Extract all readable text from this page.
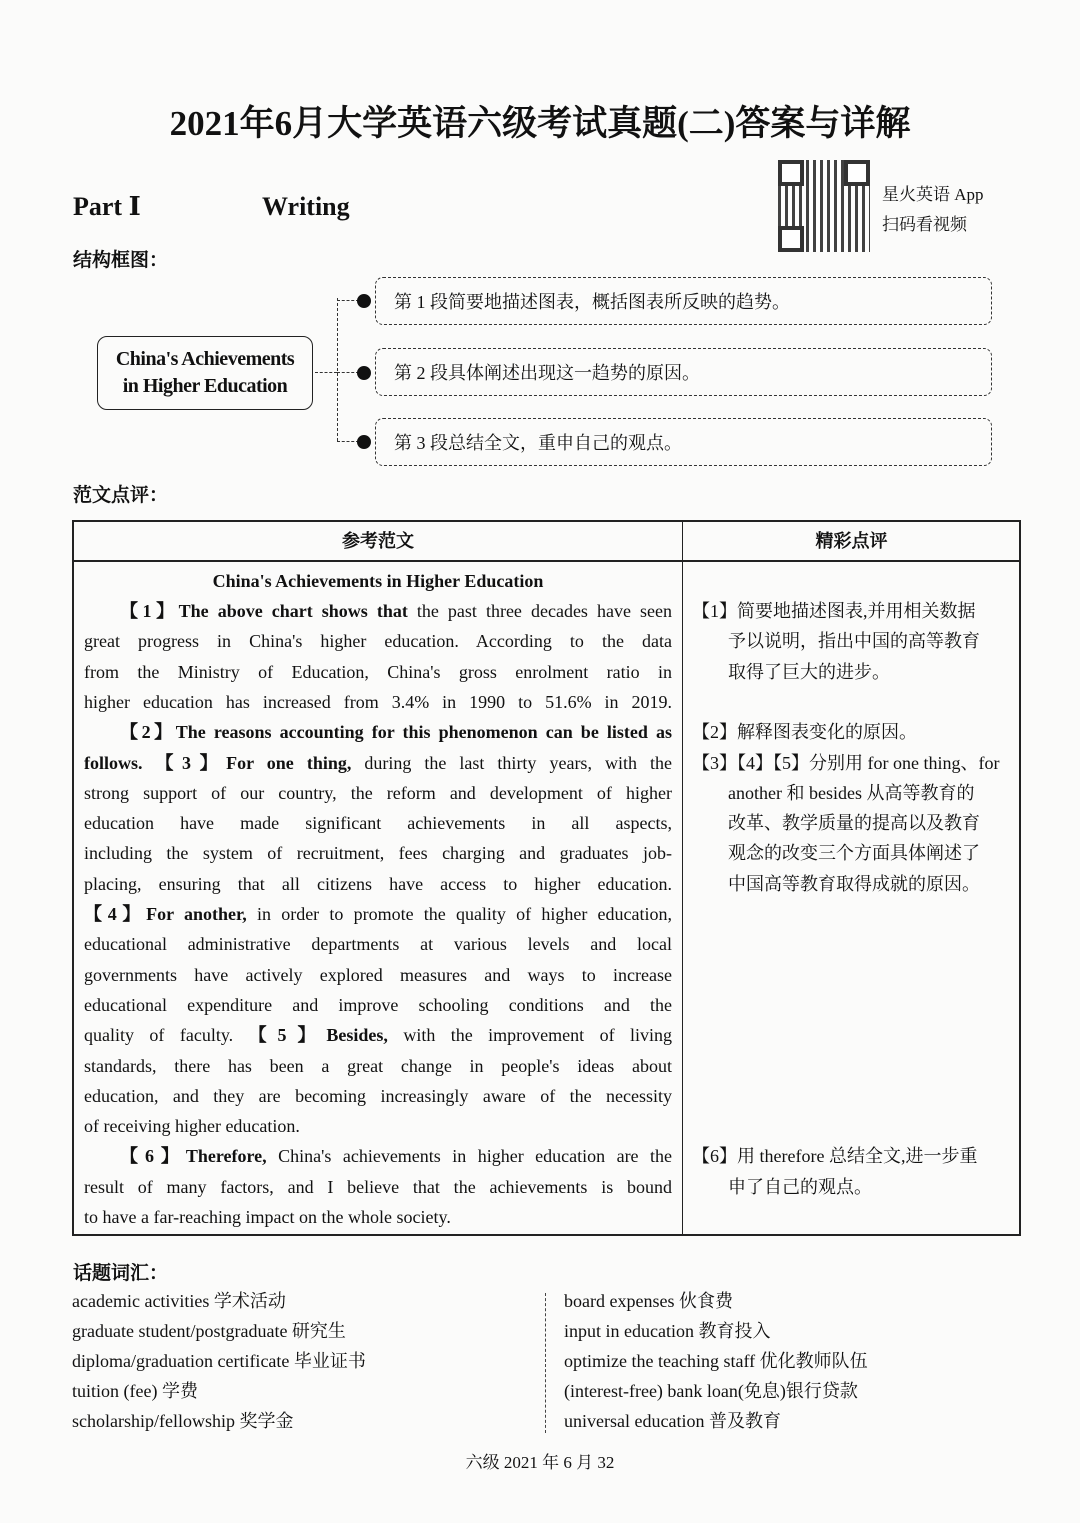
2021年6月大学英语六级考试真题(二)答案与详解
Part Ⅰ	Writing	星火英语 App
扫码看视频
结构框图：
China's Achievements
in Higher Education
第 1 段简要地描述图表，概括图表所反映的趋势。
第 2 段具体阐述出现这一趋势的原因。
第 3 段总结全文，重申自己的观点。
范文点评：
参考范文	精彩点评
China's Achievements in Higher Education
【1】The above chart shows that the past three decades have seen
great progress in China's higher education. According to the data
from the Ministry of Education, China's gross enrolment ratio in
higher education has increased from 3.4% in 1990 to 51.6% in 2019.
【2】The reasons accounting for this phenomenon can be listed as
follows. 【3】For one thing, during the last thirty years, with the
strong support of our country, the reform and development of higher
education have made significant achievements in all aspects,
including the system of recruitment, fees charging and graduates job-
placing, ensuring that all citizens have access to higher education.
【4】For another, in order to promote the quality of higher education,
educational administrative departments at various levels and local
governments have actively explored measures and ways to increase
educational expenditure and improve schooling conditions and the
quality of faculty. 【5】Besides, with the improvement of living
standards, there has been a great change in people's ideas about
education, and they are becoming increasingly aware of the necessity
of receiving higher education.
【6】Therefore, China's achievements in higher education are the
result of many factors, and I believe that the achievements is bound
to have a far-reaching impact on the whole society.
【1】简要地描述图表,并用相关数据
予以说明，指出中国的高等教育
取得了巨大的进步。
【2】解释图表变化的原因。
【3】【4】【5】分别用 for one thing、for
another 和 besides 从高等教育的
改革、教学质量的提高以及教育
观念的改变三个方面具体阐述了
中国高等教育取得成就的原因。
【6】用 therefore 总结全文,进一步重
申了自己的观点。
话题词汇：
academic activities 学术活动
graduate student/postgraduate 研究生
diploma/graduation certificate 毕业证书
tuition (fee) 学费
scholarship/fellowship 奖学金
board expenses 伙食费
input in education 教育投入
optimize the teaching staff 优化教师队伍
(interest-free) bank loan(免息)银行贷款
universal education 普及教育
六级 2021 年 6 月 32
